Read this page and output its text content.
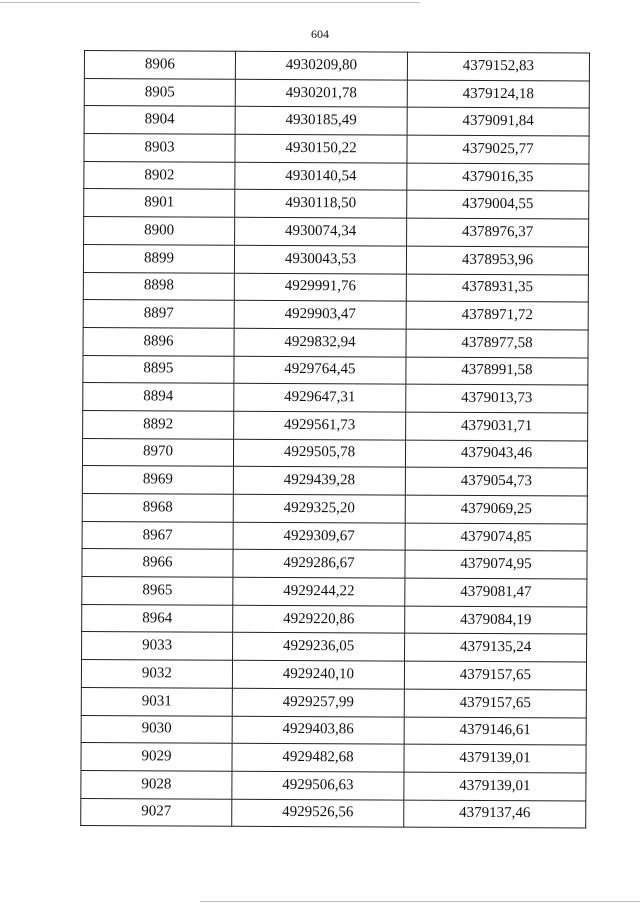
604
8906	4930209,80	4379152,83
8905	4930201,78	4379124,18
8904	4930185,49	4379091,84
8903	4930150,22	4379025,77
8902	4930140,54	4379016,35
8901	4930118,50	4379004,55
8900	4930074,34	4378976,37
8899	4930043,53	4378953,96
8898	4929991,76	4378931,35
8897	4929903,47	4378971,72
8896	4929832,94	4378977,58
8895	4929764,45	4378991,58
8894	4929647,31	4379013,73
8892	4929561,73	4379031,71
8970	4929505,78	4379043,46
8969	4929439,28	4379054,73
8968	4929325,20	4379069,25
8967	4929309,67	4379074,85
8966	4929286,67	4379074,95
8965	4929244,22	4379081,47
8964	4929220,86	4379084,19
9033	4929236,05	4379135,24
9032	4929240,10	4379157,65
9031	4929257,99	4379157,65
9030	4929403,86	4379146,61
9029	4929482,68	4379139,01
9028	4929506,63	4379139,01
9027	4929526,56	4379137,46
